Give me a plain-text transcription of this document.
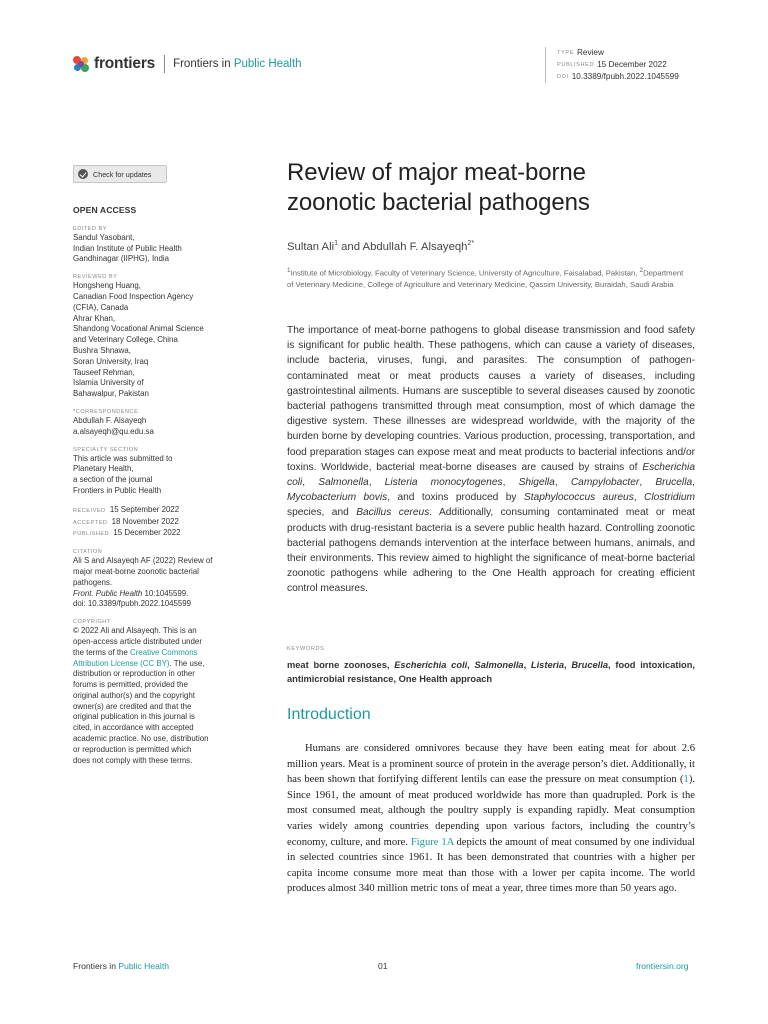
frontiers Frontiers in Public Health
TYPE Review
PUBLISHED 15 December 2022
DOI 10.3389/fpubh.2022.1045599
Check for updates
OPEN ACCESS
EDITED BY
Sandul Yasobant,
Indian Institute of Public Health
Gandhinagar (IIPHG), India
REVIEWED BY
Hongsheng Huang,
Canadian Food Inspection Agency
(CFIA), Canada
Ahrar Khan,
Shandong Vocational Animal Science
and Veterinary College, China
Bushra Shnawa,
Soran University, Iraq
Tauseef Rehman,
Islamia University of
Bahawalpur, Pakistan
*CORRESPONDENCE
Abdullah F. Alsayeqh
a.alsayeqh@qu.edu.sa
SPECIALTY SECTION
This article was submitted to
Planetary Health,
a section of the journal
Frontiers in Public Health
RECEIVED 15 September 2022
ACCEPTED 18 November 2022
PUBLISHED 15 December 2022
CITATION
Ali S and Alsayeqh AF (2022) Review of
major meat-borne zoonotic bacterial
pathogens.
Front. Public Health 10:1045599.
doi: 10.3389/fpubh.2022.1045599
COPYRIGHT
© 2022 Ali and Alsayeqh. This is an
open-access article distributed under
the terms of the Creative Commons
Attribution License (CC BY). The use,
distribution or reproduction in other
forums is permitted, provided the
original author(s) and the copyright
owner(s) are credited and that the
original publication in this journal is
cited, in accordance with accepted
academic practice. No use, distribution
or reproduction is permitted which
does not comply with these terms.
Review of major meat-borne
zoonotic bacterial pathogens
Sultan Ali$^1$ and Abdullah F. Alsayeqh$^{2*}$
$^1$Institute of Microbiology, Faculty of Veterinary Science, University of Agriculture, Faisalabad, Pakistan, $^2$Department of Veterinary Medicine, College of Agriculture and Veterinary Medicine, Qassim University, Buraidah, Saudi Arabia
The importance of meat-borne pathogens to global disease transmission and food safety is significant for public health. These pathogens, which can cause a variety of diseases, include bacteria, viruses, fungi, and parasites. The consumption of pathogen-contaminated meat or meat products causes a variety of diseases, including gastrointestinal ailments. Humans are susceptible to several diseases caused by zoonotic bacterial pathogens transmitted through meat consumption, most of which damage the digestive system. These illnesses are widespread worldwide, with the majority of the burden borne by developing countries. Various production, processing, transportation, and food preparation stages can expose meat and meat products to bacterial infections and/or toxins. Worldwide, bacterial meat-borne diseases are caused by strains of Escherichia coli, Salmonella, Listeria monocytogenes, Shigella, Campylobacter, Brucella, Mycobacterium bovis, and toxins produced by Staphylococcus aureus, Clostridium species, and Bacillus cereus. Additionally, consuming contaminated meat or meat products with drug-resistant bacteria is a severe public health hazard. Controlling zoonotic bacterial pathogens demands intervention at the interface between humans, animals, and their environments. This review aimed to highlight the significance of meat-borne bacterial zoonotic pathogens while adhering to the One Health approach for creating efficient control measures.
KEYWORDS
meat borne zoonoses, Escherichia coli, Salmonella, Listeria, Brucella, food intoxication, antimicrobial resistance, One Health approach
Introduction
Humans are considered omnivores because they have been eating meat for about 2.6 million years. Meat is a prominent source of protein in the average person’s diet. Additionally, it has been shown that fortifying different lentils can ease the pressure on meat consumption (1). Since 1961, the amount of meat produced worldwide has more than quadrupled. Pork is the most consumed meat, although the poultry supply is expanding rapidly. Meat consumption varies widely among countries depending upon various factors, including the country’s economy, culture, and more. Figure 1A depicts the amount of meat consumed by one individual in selected countries since 1961. It has been demonstrated that countries with a higher per capita income consume more meat than those with a lower per capita income. The world produces almost 340 million metric tons of meat a year, three times more than 50 years ago.
Frontiers in Public Health	01	frontiersin.org
